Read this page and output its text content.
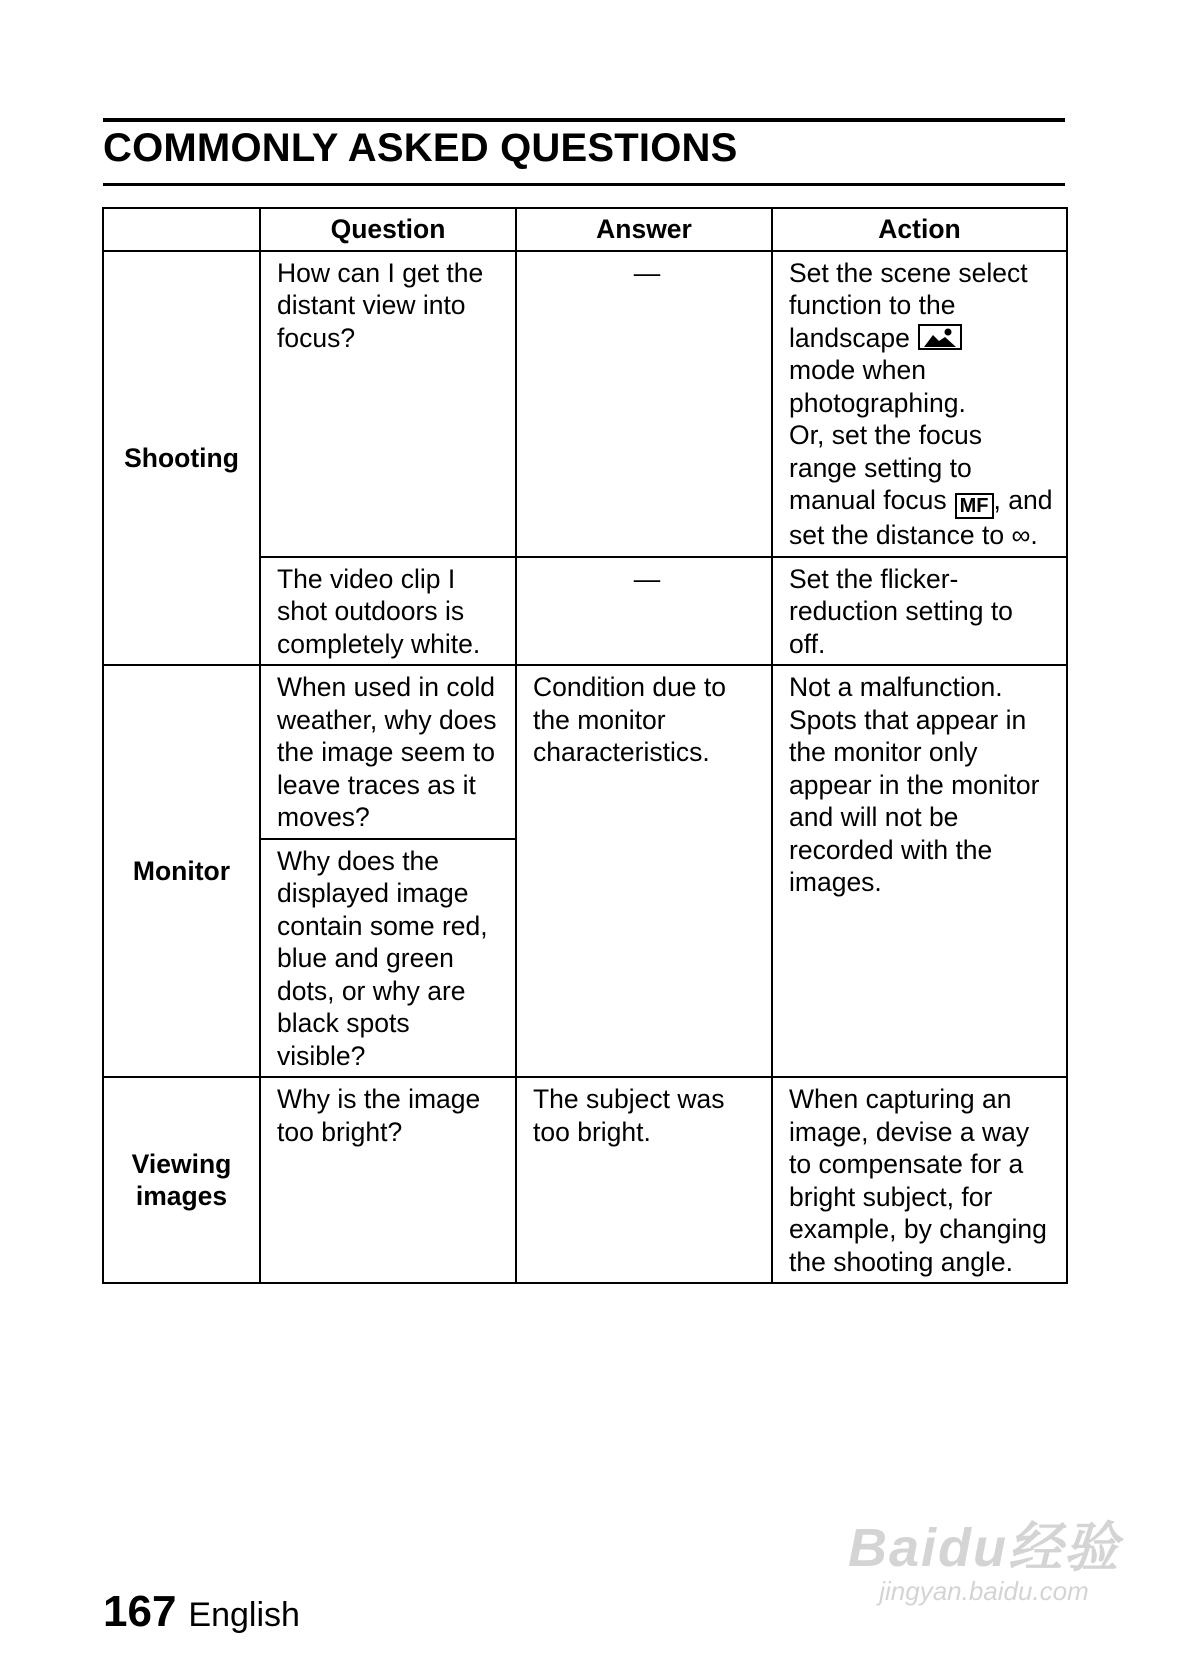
COMMONLY ASKED QUESTIONS
	Question	Answer	Action
Shooting	How can I get the distant view into focus?	—	Set the scene select function to the landscape

mode when photographing.
Or, set the focus range setting to manual focus MF , and set the distance to ∞.
	The video clip I shot outdoors is completely white.	—	Set the flicker-reduction setting to off.
Monitor	When used in cold weather, why does the image seem to leave traces as it moves?	Condition due to the monitor characteristics.	Not a malfunction. Spots that appear in the monitor only appear in the monitor and will not be recorded with the images.
	Why does the displayed image contain some red, blue and green dots, or why are black spots visible?		
Viewing images	Why is the image too bright?	The subject was too bright.	When capturing an image, devise a way to compensate for a bright subject, for example, by changing the shooting angle.
167 English
Baidu经验
jingyan.baidu.com
